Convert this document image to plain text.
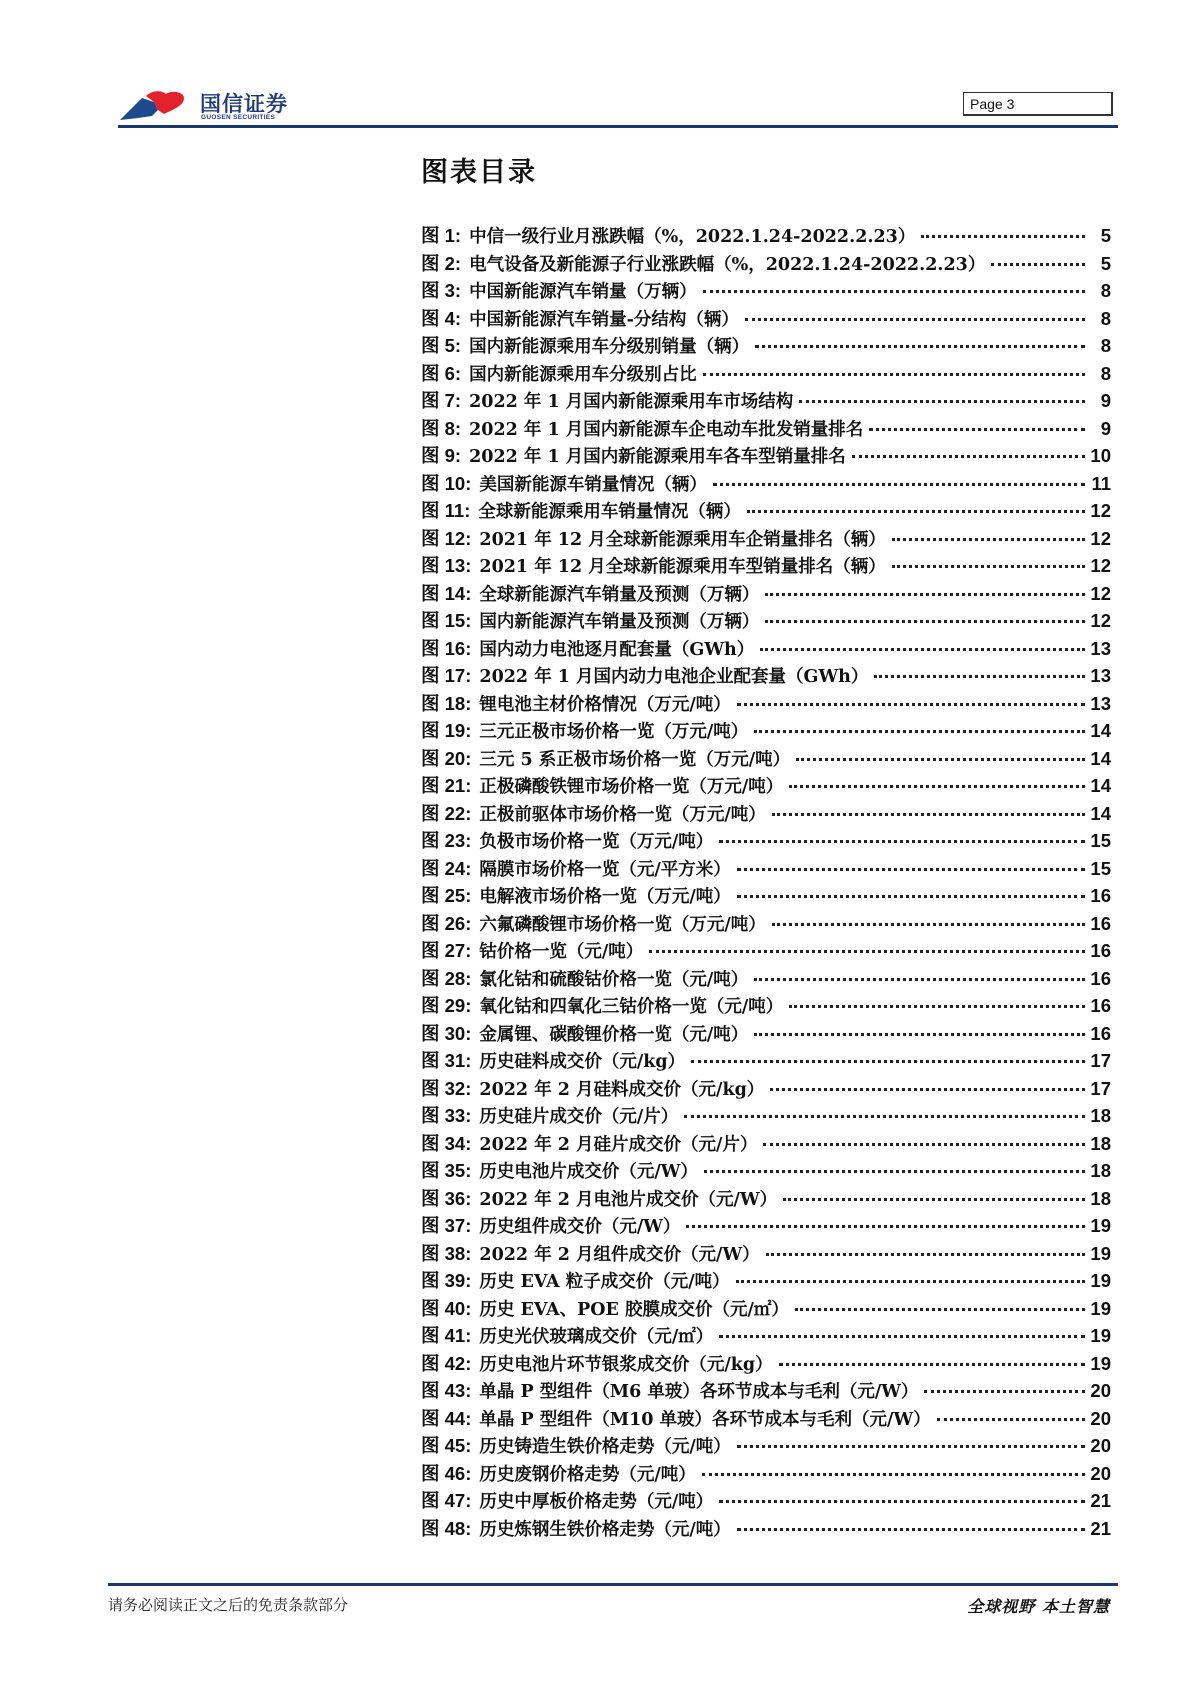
国信证券
GUOSEN SECURITIES
Page 3
图表目录
图 1: 中信一级行业月涨跌幅（%，2022.1.24-2022.2.23）	5
图 2: 电气设备及新能源子行业涨跌幅（%，2022.1.24-2022.2.23）	5
图 3: 中国新能源汽车销量（万辆）	8
图 4: 中国新能源汽车销量-分结构（辆）	8
图 5: 国内新能源乘用车分级别销量（辆）	8
图 6: 国内新能源乘用车分级别占比	8
图 7: 2022 年 1 月国内新能源乘用车市场结构	9
图 8: 2022 年 1 月国内新能源车企电动车批发销量排名	9
图 9: 2022 年 1 月国内新能源乘用车各车型销量排名	10
图 10: 美国新能源车销量情况（辆）	11
图 11: 全球新能源乘用车销量情况（辆）	12
图 12: 2021 年 12 月全球新能源乘用车企销量排名（辆）	12
图 13: 2021 年 12 月全球新能源乘用车型销量排名（辆）	12
图 14: 全球新能源汽车销量及预测（万辆）	12
图 15: 国内新能源汽车销量及预测（万辆）	12
图 16: 国内动力电池逐月配套量（GWh）	13
图 17: 2022 年 1 月国内动力电池企业配套量（GWh）	13
图 18: 锂电池主材价格情况（万元/吨）	13
图 19: 三元正极市场价格一览（万元/吨）	14
图 20: 三元 5 系正极市场价格一览（万元/吨）	14
图 21: 正极磷酸铁锂市场价格一览（万元/吨）	14
图 22: 正极前驱体市场价格一览（万元/吨）	14
图 23: 负极市场价格一览（万元/吨）	15
图 24: 隔膜市场价格一览（元/平方米）	15
图 25: 电解液市场价格一览（万元/吨）	16
图 26: 六氟磷酸锂市场价格一览（万元/吨）	16
图 27: 钴价格一览（元/吨）	16
图 28: 氯化钴和硫酸钴价格一览（元/吨）	16
图 29: 氧化钴和四氧化三钴价格一览（元/吨）	16
图 30: 金属锂、碳酸锂价格一览（元/吨）	16
图 31: 历史硅料成交价（元/kg）	17
图 32: 2022 年 2 月硅料成交价（元/kg）	17
图 33: 历史硅片成交价（元/片）	18
图 34: 2022 年 2 月硅片成交价（元/片）	18
图 35: 历史电池片成交价（元/W）	18
图 36: 2022 年 2 月电池片成交价（元/W）	18
图 37: 历史组件成交价（元/W）	19
图 38: 2022 年 2 月组件成交价（元/W）	19
图 39: 历史 EVA 粒子成交价（元/吨）	19
图 40: 历史 EVA、POE 胶膜成交价（元/㎡）	19
图 41: 历史光伏玻璃成交价（元/㎡）	19
图 42: 历史电池片环节银浆成交价（元/kg）	19
图 43: 单晶 P 型组件（M6 单玻）各环节成本与毛利（元/W）	20
图 44: 单晶 P 型组件（M10 单玻）各环节成本与毛利（元/W）	20
图 45: 历史铸造生铁价格走势（元/吨）	20
图 46: 历史废钢价格走势（元/吨）	20
图 47: 历史中厚板价格走势（元/吨）	21
图 48: 历史炼钢生铁价格走势（元/吨）	21
请务必阅读正文之后的免责条款部分	全球视野 本土智慧
